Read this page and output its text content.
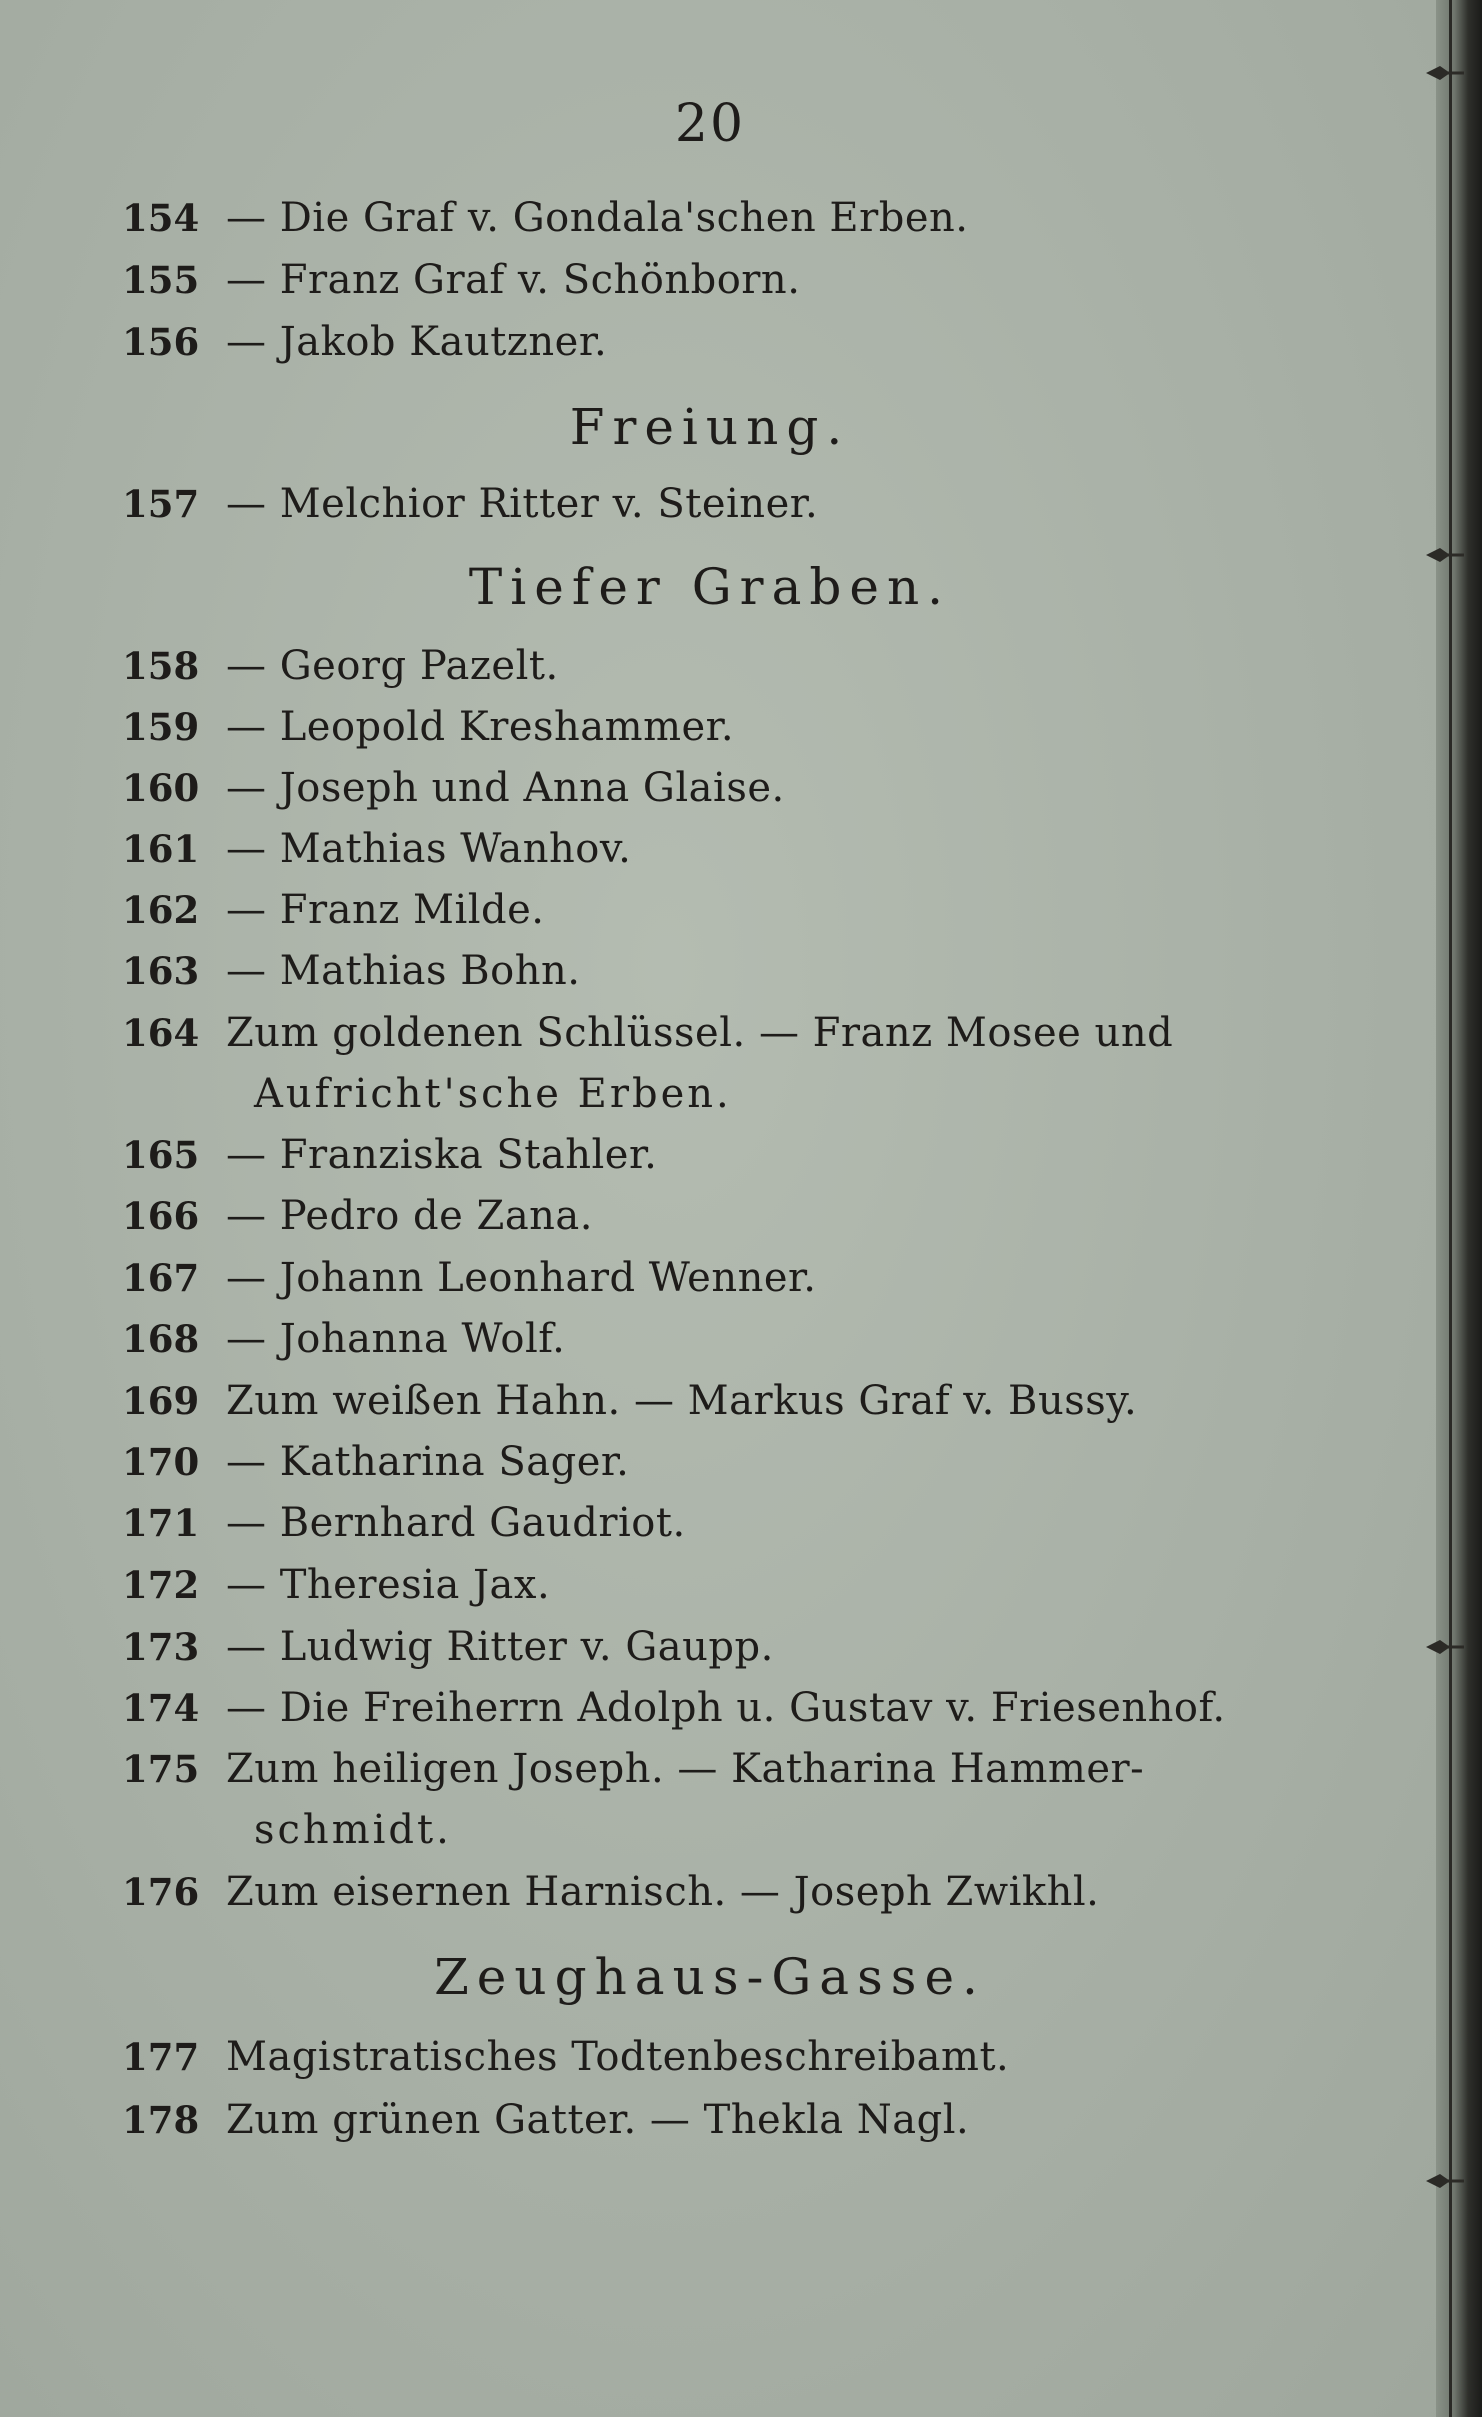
20
154 — Die Graf v. Gondala'schen Erben.
155 — Franz Graf v. Schönborn.
156 — Jakob Kautzner.
Freiung.
157 — Melchior Ritter v. Steiner.
Tiefer Graben.
158 — Georg Pazelt.
159 — Leopold Kreshammer.
160 — Joseph und Anna Glaise.
161 — Mathias Wanhov.
162 — Franz Milde.
163 — Mathias Bohn.
164 Zum goldenen Schlüssel. — Franz Mosee und
Aufricht'sche Erben.
165 — Franziska Stahler.
166 — Pedro de Zana.
167 — Johann Leonhard Wenner.
168 — Johanna Wolf.
169 Zum weißen Hahn. — Markus Graf v. Bussy.
170 — Katharina Sager.
171 — Bernhard Gaudriot.
172 — Theresia Jax.
173 — Ludwig Ritter v. Gaupp.
174 — Die Freiherrn Adolph u. Gustav v. Friesenhof.
175 Zum heiligen Joseph. — Katharina Hammer-
schmidt.
176 Zum eisernen Harnisch. — Joseph Zwikhl.
Zeughaus-Gasse.
177 Magistratisches Todtenbeschreibamt.
178 Zum grünen Gatter. — Thekla Nagl.
